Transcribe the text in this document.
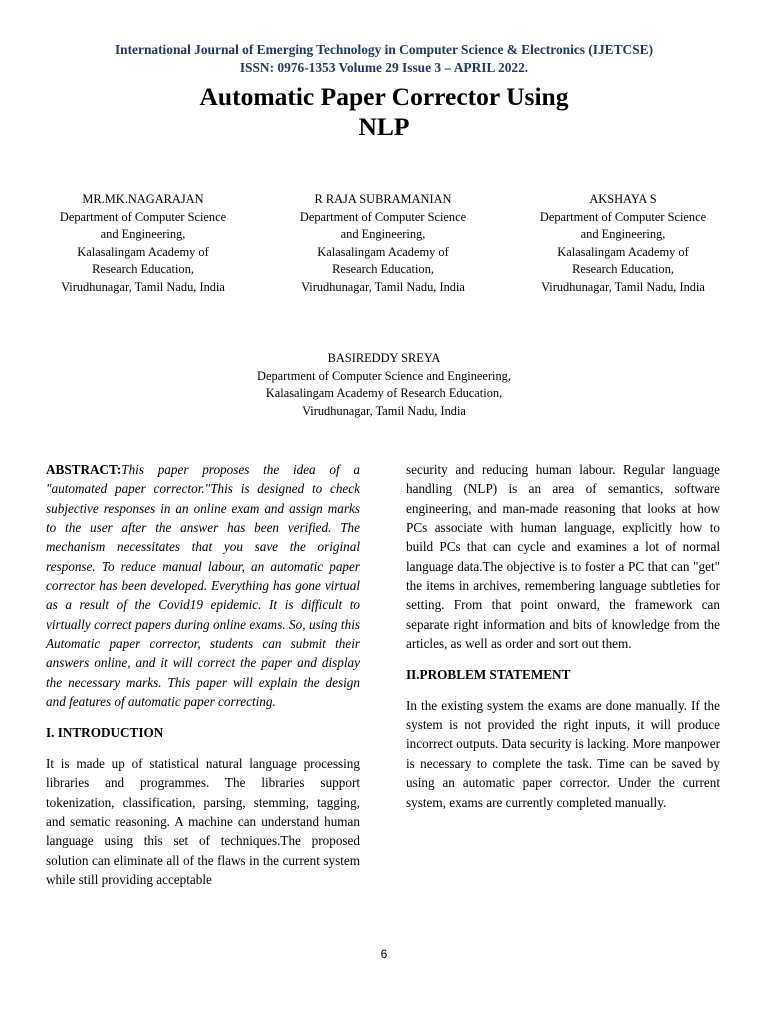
International Journal of Emerging Technology in Computer Science & Electronics (IJETCSE)
ISSN: 0976-1353 Volume 29 Issue 3 – APRIL 2022.
Automatic Paper Corrector Using
NLP
MR.MK.NAGARAJAN
Department of Computer Science
and Engineering,
Kalasalingam Academy of
Research Education,
Virudhunagar, Tamil Nadu, India
R RAJA SUBRAMANIAN
Department of Computer Science
and Engineering,
Kalasalingam Academy of
Research Education,
Virudhunagar, Tamil Nadu, India
AKSHAYA S
Department of Computer Science
and Engineering,
Kalasalingam Academy of
Research Education,
Virudhunagar, Tamil Nadu, India
BASIREDDY SREYA
Department of Computer Science and Engineering,
Kalasalingam Academy of Research Education,
Virudhunagar, Tamil Nadu, India

ABSTRACT:This paper proposes the idea of a "automated paper corrector."This is designed to check subjective responses in an online exam and assign marks to the user after the answer has been verified. The mechanism necessitates that you save the original response. To reduce manual labour, an automatic paper corrector has been developed. Everything has gone virtual as a result of the Covid19 epidemic. It is difficult to virtually correct papers during online exams. So, using this Automatic paper corrector, students can submit their answers online, and it will correct the paper and display the necessary marks. This paper will explain the design and features of automatic paper correcting.

I. INTRODUCTION

It is made up of statistical natural language processing libraries and programmes. The libraries support tokenization, classification, parsing, stemming, tagging, and sematic reasoning. A machine can understand human language using this set of techniques.The proposed solution can eliminate all of the flaws in the current system while still providing acceptable

security and reducing human labour. Regular language handling (NLP) is an area of semantics, software engineering, and man-made reasoning that looks at how PCs associate with human language, explicitly how to build PCs that can cycle and examines a lot of normal language data.The objective is to foster a PC that can "get" the items in archives, remembering language subtleties for setting. From that point onward, the framework can separate right information and bits of knowledge from the articles, as well as order and sort out them.

II.PROBLEM STATEMENT

In the existing system the exams are done manually. If the system is not provided the right inputs, it will produce incorrect outputs. Data security is lacking. More manpower is necessary to complete the task. Time can be saved by using an automatic paper corrector. Under the current system, exams are currently completed manually.

6
